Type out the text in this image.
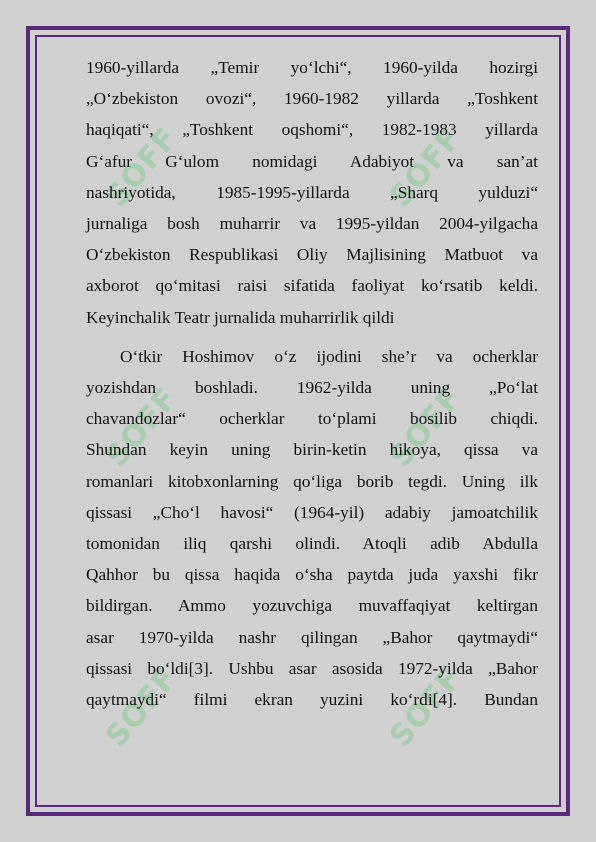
SOFF	SOFF
SOFF	SOFF
SOFF	SOFF

1960-yillarda „Temir yo‘lchi“, 1960-yilda hozirgi

„O‘zbekiston ovozi“, 1960-1982 yillarda „Toshkent

haqiqati“, „Toshkent oqshomi“, 1982-1983 yillarda

G‘afur G‘ulom nomidagi Adabiyot va san’at

nashriyotida, 1985-1995-yillarda „Sharq yulduzi“

jurnaliga bosh muharrir va 1995-yildan 2004-yilgacha

O‘zbekiston Respublikasi Oliy Majlisining Matbuot va

axborot qo‘mitasi raisi sifatida faoliyat ko‘rsatib keldi.

Keyinchalik Teatr jurnalida muharrirlik qildi

O‘tkir Hoshimov o‘z ijodini she’r va ocherklar

yozishdan boshladi. 1962-yilda uning „Po‘lat

chavandozlar“ ocherklar to‘plami bosilib chiqdi.

Shundan keyin uning birin-ketin hikoya, qissa va

romanlari kitobxonlarning qo‘liga borib tegdi. Uning ilk

qissasi „Cho‘l havosi“ (1964-yil) adabiy jamoatchilik

tomonidan iliq qarshi olindi. Atoqli adib Abdulla

Qahhor bu qissa haqida o‘sha paytda juda yaxshi fikr

bildirgan. Ammo yozuvchiga muvaffaqiyat keltirgan

asar 1970-yilda nashr qilingan „Bahor qaytmaydi“

qissasi bo‘ldi[3]. Ushbu asar asosida 1972-yilda „Bahor

qaytmaydi“ filmi ekran yuzini ko‘rdi[4]. Bundan
